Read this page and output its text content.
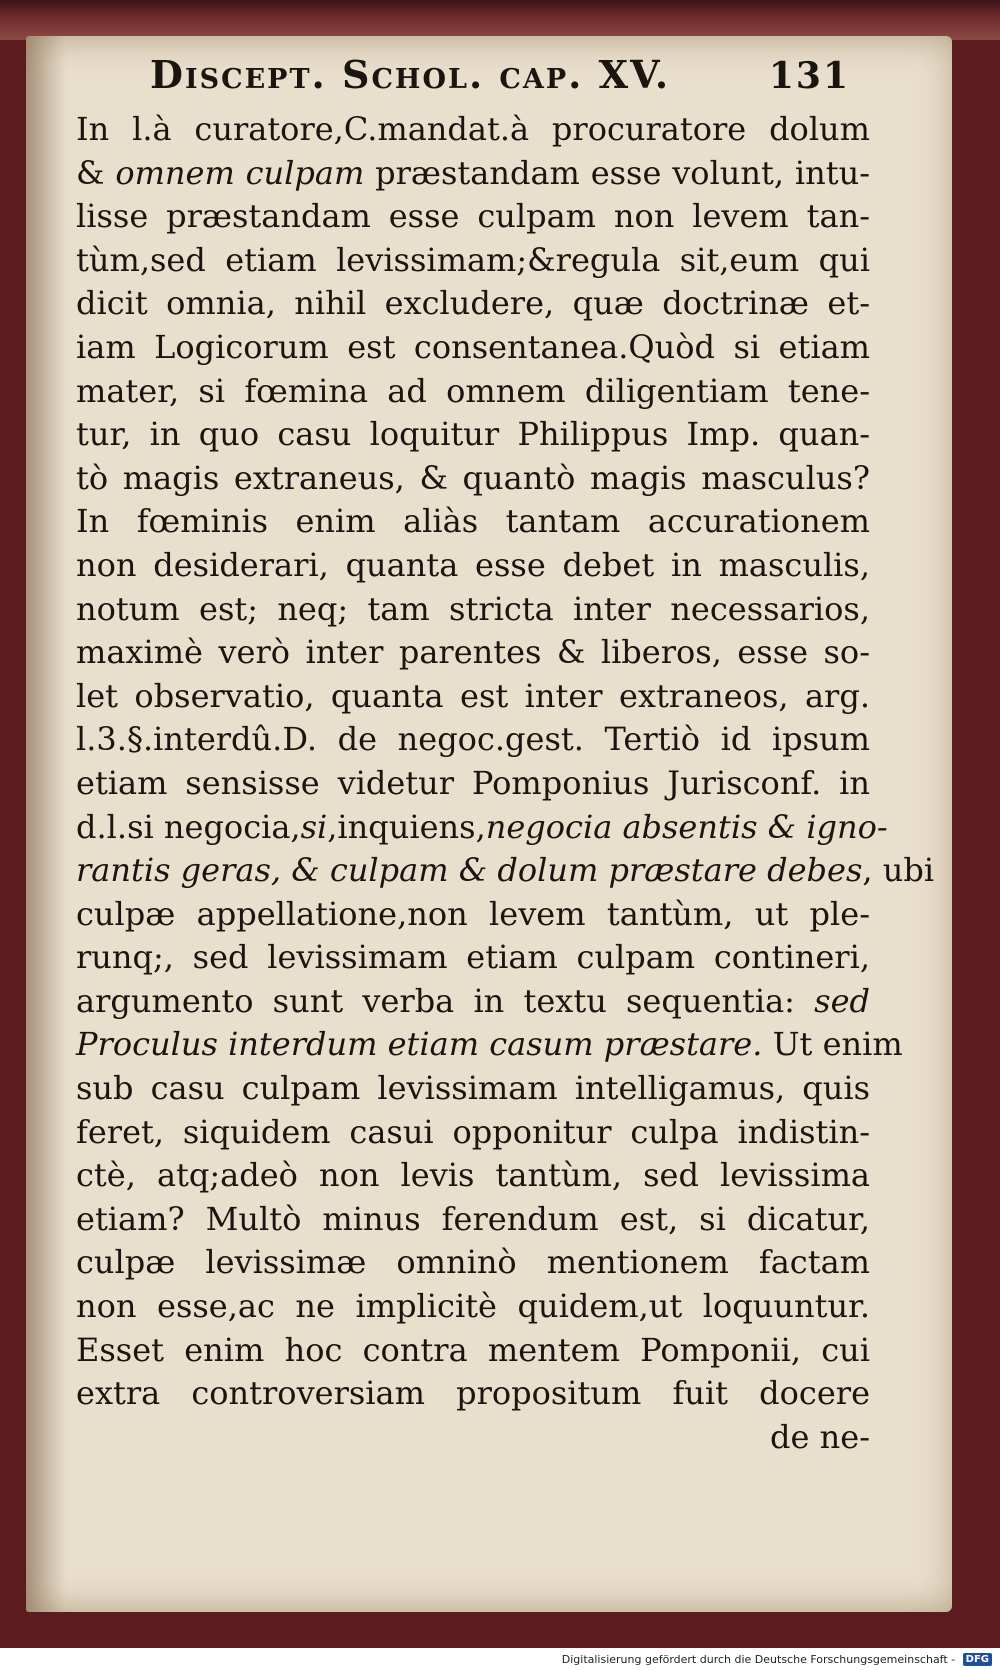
Discept. Schol. cap. XV.	131
In l.à curatore,C.mandat.à procuratore dolum
& omnem culpam præstandam esse volunt, intu-
lisse præstandam esse culpam non levem tan-
tùm,sed etiam levissimam;&regula sit,eum qui
dicit omnia, nihil excludere, quæ doctrinæ et-
iam Logicorum est consentanea.Quòd si etiam
mater, si fœmina ad omnem diligentiam tene-
tur, in quo casu loquitur Philippus Imp. quan-
tò magis extraneus, & quantò magis masculus?
In fœminis enim aliàs tantam accurationem
non desiderari, quanta esse debet in masculis,
notum est; neq; tam stricta inter necessarios,
maximè verò inter parentes & liberos, esse so-
let observatio, quanta est inter extraneos, arg.
l.3.§.interdû.D. de negoc.gest. Tertiò id ipsum
etiam sensisse videtur Pomponius Jurisconf. in
d.l.si negocia,si,inquiens,negocia absentis & igno-
rantis geras, & culpam & dolum præstare debes, ubi
culpæ appellatione,non levem tantùm, ut ple-
runq;, sed levissimam etiam culpam contineri,
argumento sunt verba in textu sequentia: sed
Proculus interdum etiam casum præstare. Ut enim
sub casu culpam levissimam intelligamus, quis
feret, siquidem casui opponitur culpa indistin-
ctè, atq;adeò non levis tantùm, sed levissima
etiam? Multò minus ferendum est, si dicatur,
culpæ levissimæ omninò mentionem factam
non esse,ac ne implicitè quidem,ut loquuntur.
Esset enim hoc contra mentem Pomponii, cui
extra controversiam propositum fuit docere
de ne-
Digitalisierung gefördert durch die Deutsche Forschungsgemeinschaft - DFG
